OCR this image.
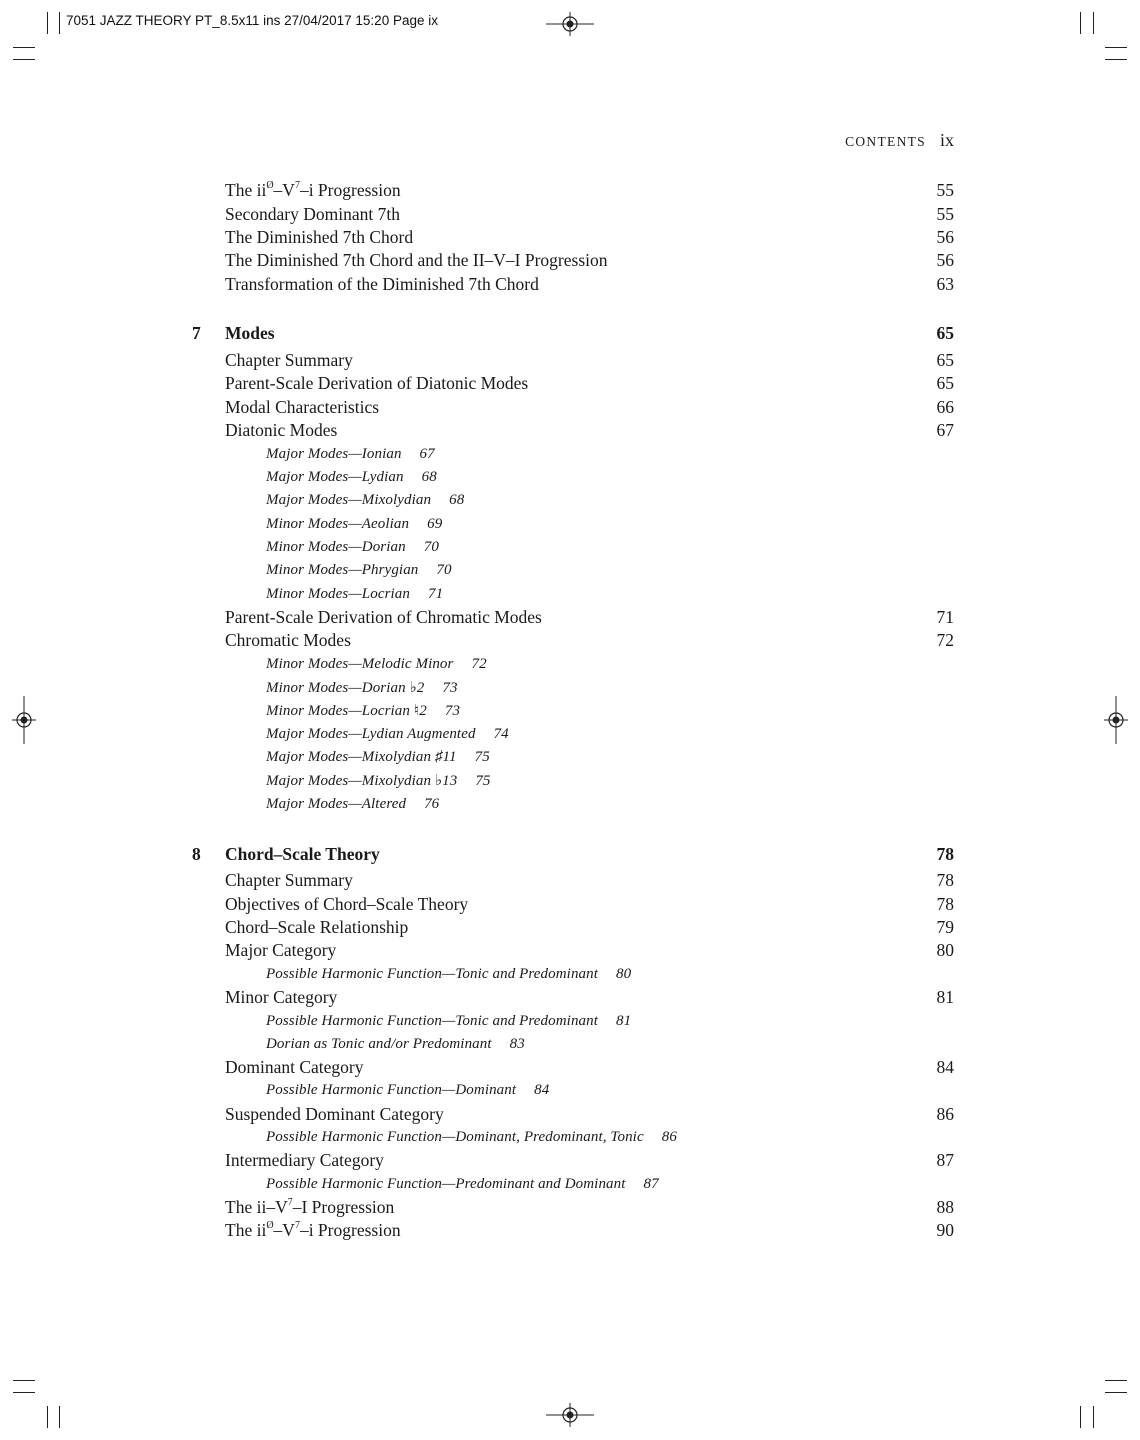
7051 JAZZ THEORY PT_8.5x11 ins 27/04/2017 15:20 Page ix
CONTENTS ix
The $ii^Ø-V^7-i$ Progression	55
Secondary Dominant 7th	55
The Diminished 7th Chord	56
The Diminished 7th Chord and the II–V–I Progression	56
Transformation of the Diminished 7th Chord	63
7 Modes	65
Chapter Summary	65
Parent-Scale Derivation of Diatonic Modes	65
Modal Characteristics	66
Diatonic Modes	67
Major Modes—Ionian 67
Major Modes—Lydian 68
Major Modes—Mixolydian 68
Minor Modes—Aeolian 69
Minor Modes—Dorian 70
Minor Modes—Phrygian 70
Minor Modes—Locrian 71
Parent-Scale Derivation of Chromatic Modes	71
Chromatic Modes	72
Minor Modes—Melodic Minor 72
Minor Modes—Dorian ♭2 73
Minor Modes—Locrian ♮2 73
Major Modes—Lydian Augmented 74
Major Modes—Mixolydian ♯11 75
Major Modes—Mixolydian ♭13 75
Major Modes—Altered 76
8 Chord–Scale Theory	78
Chapter Summary	78
Objectives of Chord–Scale Theory	78
Chord–Scale Relationship	79
Major Category	80
Possible Harmonic Function—Tonic and Predominant 80
Minor Category	81
Possible Harmonic Function—Tonic and Predominant 81
Dorian as Tonic and/or Predominant 83
Dominant Category	84
Possible Harmonic Function—Dominant 84
Suspended Dominant Category	86
Possible Harmonic Function—Dominant, Predominant, Tonic 86
Intermediary Category	87
Possible Harmonic Function—Predominant and Dominant 87
The $ii-V^7-I$ Progression	88
The $ii^Ø-V^7-i$ Progression	90
